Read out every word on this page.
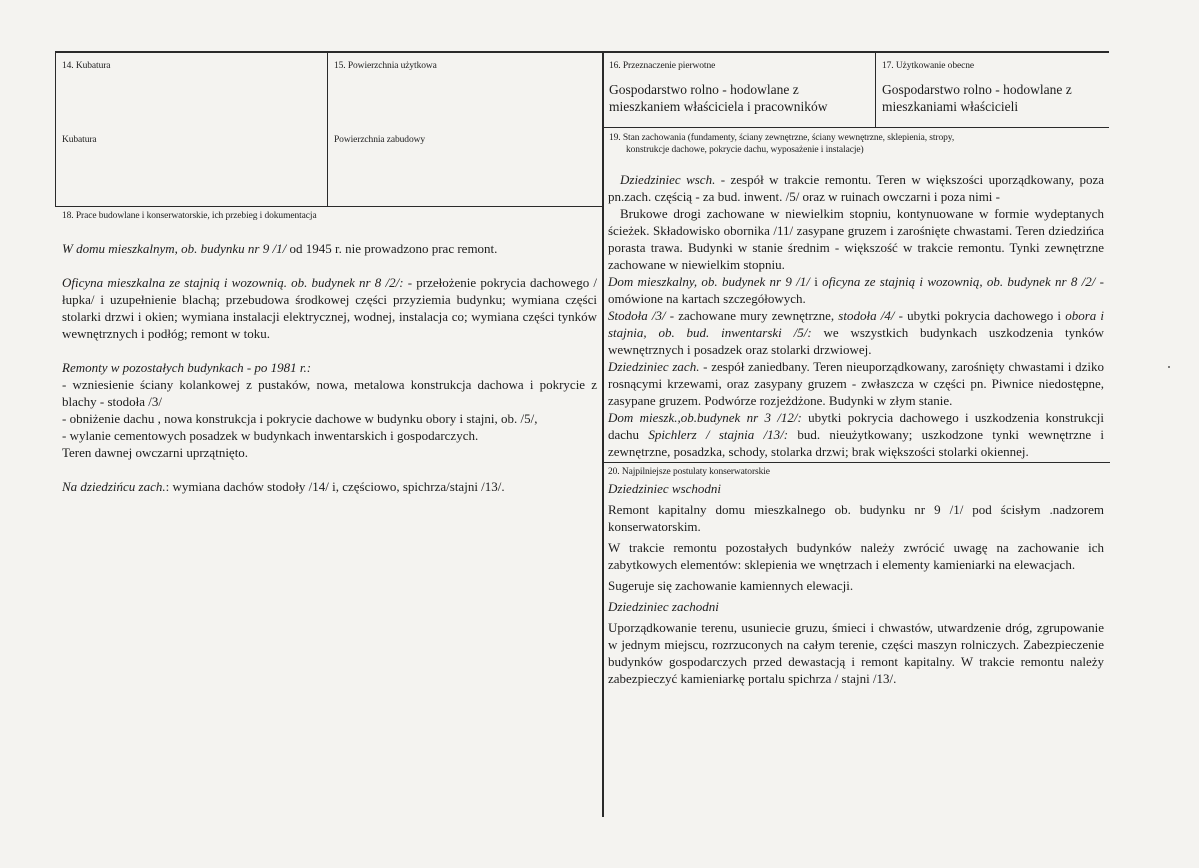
14. Kubatura
Kubatura
15. Powierzchnia użytkowa
Powierzchnia zabudowy
16. Przeznaczenie pierwotne
Gospodarstwo rolno - hodowlane z mieszkaniem właściciela i pracowników
17. Użytkowanie obecne
Gospodarstwo rolno - hodowlane z mieszkaniami właścicieli
19. Stan zachowania (fundamenty, ściany zewnętrzne, ściany wewnętrzne, sklepienia, stropy,
konstrukcje dachowe, pokrycie dachu, wyposażenie i instalacje)

Dziedziniec wsch. - zespół w trakcie remontu. Teren w większości uporządkowany, poza pn.zach. częścią - za bud. inwent. /5/ oraz w ruinach owczarni i poza nimi -

Brukowe drogi zachowane w niewielkim stopniu, kontynuowane w formie wydeptanych ścieżek. Składowisko obornika /11/ zasypane gruzem i zarośnięte chwastami. Teren dziedzińca porasta trawa. Budynki w stanie średnim - większość w trakcie remontu. Tynki zewnętrzne zachowane w niewielkim stopniu.

Dom mieszkalny, ob. budynek nr 9 /1/ i oficyna ze stajnią i wozownią, ob. budynek nr 8 /2/ - omówione na kartach szczegółowych.

Stodoła /3/ - zachowane mury zewnętrzne, stodoła /4/ - ubytki pokrycia dachowego i obora i stajnia, ob. bud. inwentarski /5/: we wszystkich budynkach uszkodzenia tynków wewnętrznych i posadzek oraz stolarki drzwiowej.

Dziedziniec zach. - zespół zaniedbany. Teren nieuporządkowany, zarośnięty chwastami i dziko rosnącymi krzewami, oraz zasypany gruzem - zwłaszcza w części pn. Piwnice niedostępne, zasypane gruzem. Podwórze rozjeżdżone. Budynki w złym stanie.

Dom mieszk.,ob.budynek nr 3 /12/: ubytki pokrycia dachowego i uszkodzenia konstrukcji dachu Spichlerz / stajnia /13/: bud. nieużytkowany; uszkodzone tynki wewnętrzne i zewnętrzne, posadzka, schody, stolarka drzwi; brak większości stolarki okiennej.

20. Najpilniejsze postulaty konserwatorskie

Dziedziniec wschodni

Remont kapitalny domu mieszkalnego ob. budynku nr 9 /1/ pod ścisłym .nadzorem konserwatorskim.

W trakcie remontu pozostałych budynków należy zwrócić uwagę na zachowanie ich zabytkowych elementów: sklepienia we wnętrzach i elementy kamieniarki na elewacjach.

Sugeruje się zachowanie kamiennych elewacji.

Dziedziniec zachodni

Uporządkowanie terenu, usuniecie gruzu, śmieci i chwastów, utwardzenie dróg, zgrupowanie w jednym miejscu, rozrzuconych na całym terenie, części maszyn rolniczych. Zabezpieczenie budynków gospodarczych przed dewastacją i remont kapitalny. W trakcie remontu należy zabezpieczyć kamieniarkę portalu spichrza / stajni /13/.

18. Prace budowlane i konserwatorskie, ich przebieg i dokumentacja

W domu mieszkalnym, ob. budynku nr 9 /1/ od 1945 r. nie prowadzono prac remont.

Oficyna mieszkalna ze stajnią i wozownią. ob. budynek nr 8 /2/: - przełożenie pokrycia dachowego /łupka/ i uzupełnienie blachą; przebudowa środkowej części przyziemia budynku; wymiana części stolarki drzwi i okien; wymiana instalacji elektrycznej, wodnej, instalacja co; wymiana części tynków wewnętrznych i podłóg; remont w toku.

Remonty w pozostałych budynkach - po 1981 r.:

- wzniesienie ściany kolankowej z pustaków, nowa, metalowa konstrukcja dachowa i pokrycie z blachy - stodoła /3/

- obniżenie dachu , nowa konstrukcja i pokrycie dachowe w budynku obory i stajni, ob. /5/,

- wylanie cementowych posadzek w budynkach inwentarskich i gospodarczych.

Teren dawnej owczarni uprzątnięto.

Na dziedzińcu zach.: wymiana dachów stodoły /14/ i, częściowo, spichrza/stajni /13/.
